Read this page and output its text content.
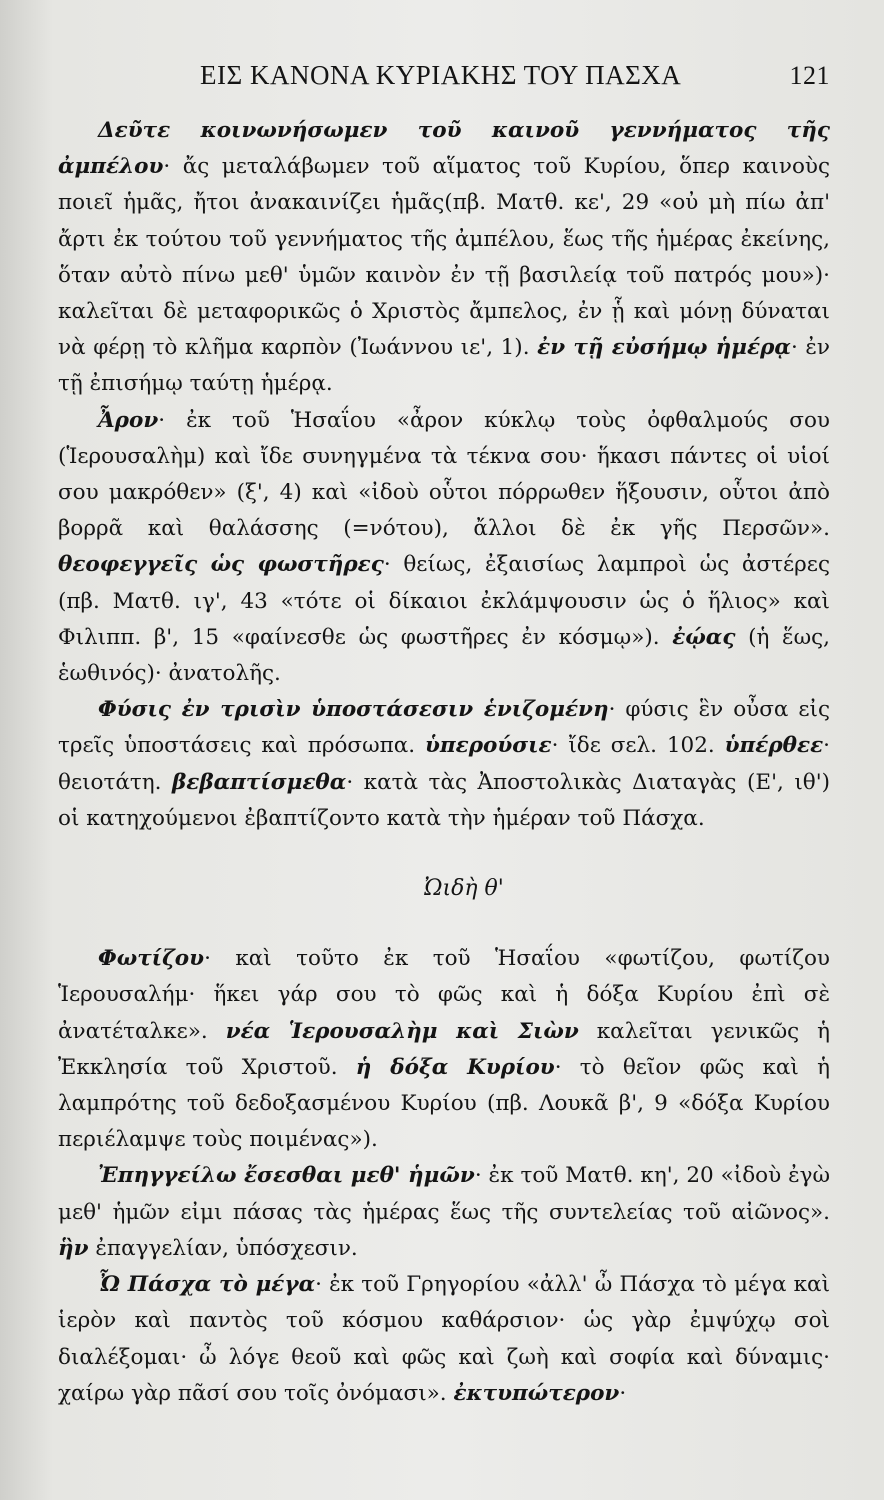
ΕΙΣ ΚΑΝΟΝΑ ΚΥΡΙΑΚΗΣ ΤΟΥ ΠΑΣΧΑ	121

Δεῦτε κοινωνήσωμεν τοῦ καινοῦ γεννήματος τῆς ἀμπέλου· ἄς μεταλάβωμεν τοῦ αἵματος τοῦ Κυρίου, ὅπερ καινοὺς ποιεῖ ἡμᾶς, ἤτοι ἀνακαινίζει ἡμᾶς(πβ. Ματθ. κε', 29 «οὐ μὴ πίω ἀπ' ἄρτι ἐκ τούτου τοῦ γεννήματος τῆς ἀμπέλου, ἕως τῆς ἡμέρας ἐκείνης, ὅταν αὐτὸ πίνω μεθ' ὑμῶν καινὸν ἐν τῇ βασιλείᾳ τοῦ πατρός μου»)· καλεῖται δὲ μεταφορικῶς ὁ Χριστὸς ἄμπελος, ἐν ᾗ καὶ μόνῃ δύναται νὰ φέρῃ τὸ κλῆμα καρπὸν (Ἰωάννου ιε', 1). ἐν τῇ εὐσήμῳ ἡμέρᾳ· ἐν τῇ ἐπισήμῳ ταύτῃ ἡμέρᾳ.

Ἆρον· ἐκ τοῦ Ἡσαΐου «ἆρον κύκλῳ τοὺς ὀφθαλμούς σου (Ἱερουσαλὴμ) καὶ ἴδε συνηγμένα τὰ τέκνα σου· ἥκασι πάντες οἱ υἱοί σου μακρόθεν» (ξ', 4) καὶ «ἰδοὺ οὗτοι πόρρωθεν ἥξουσιν, οὗτοι ἀπὸ βορρᾶ καὶ θαλάσσης (=νότου), ἄλλοι δὲ ἐκ γῆς Περσῶν». θεοφεγγεῖς ὡς φωστῆρες· θείως, ἐξαισίως λαμπροὶ ὡς ἀστέρες (πβ. Ματθ. ιγ', 43 «τότε οἱ δίκαιοι ἐκλάμψουσιν ὡς ὁ ἥλιος» καὶ Φιλιππ. β', 15 «φαίνεσθε ὡς φωστῆρες ἐν κόσμῳ»). ἐῴας (ἡ ἕως, ἑωθινός)· ἀνατολῆς.

Φύσις ἐν τρισὶν ὑποστάσεσιν ἑνιζομένη· φύσις ἓν οὖσα εἰς τρεῖς ὑποστάσεις καὶ πρόσωπα. ὑπερούσιε· ἴδε σελ. 102. ὑπέρθεε· θειοτάτη. βεβαπτίσμεθα· κατὰ τὰς Ἀποστολικὰς Διαταγὰς (Ε', ιθ') οἱ κατηχούμενοι ἐβαπτίζοντο κατὰ τὴν ἡμέραν τοῦ Πάσχα.

Ὠιδὴ θ'

Φωτίζου· καὶ τοῦτο ἐκ τοῦ Ἡσαΐου «φωτίζου, φωτίζου Ἱερουσαλήμ· ἥκει γάρ σου τὸ φῶς καὶ ἡ δόξα Κυρίου ἐπὶ σὲ ἀνατέταλκε». νέα Ἱερουσαλὴμ καὶ Σιὼν καλεῖται γενικῶς ἡ Ἐκκλησία τοῦ Χριστοῦ. ἡ δόξα Κυρίου· τὸ θεῖον φῶς καὶ ἡ λαμπρότης τοῦ δεδοξασμένου Κυρίου (πβ. Λουκᾶ β', 9 «δόξα Κυρίου περιέλαμψε τοὺς ποιμένας»).

Ἐπηγγείλω ἔσεσθαι μεθ' ἡμῶν· ἐκ τοῦ Ματθ. κη', 20 «ἰδοὺ ἐγὼ μεθ' ἡμῶν εἰμι πάσας τὰς ἡμέρας ἕως τῆς συντελείας τοῦ αἰῶνος». ἣν ἐπαγγελίαν, ὑπόσχεσιν.

Ὦ Πάσχα τὸ μέγα· ἐκ τοῦ Γρηγορίου «ἀλλ' ὦ Πάσχα τὸ μέγα καὶ ἱερὸν καὶ παντὸς τοῦ κόσμου καθάρσιον· ὡς γὰρ ἐμψύχῳ σοὶ διαλέξομαι· ὦ λόγε θεοῦ καὶ φῶς καὶ ζωὴ καὶ σοφία καὶ δύναμις· χαίρω γὰρ πᾶσί σου τοῖς ὀνόμασι». ἐκτυπώτερον·
